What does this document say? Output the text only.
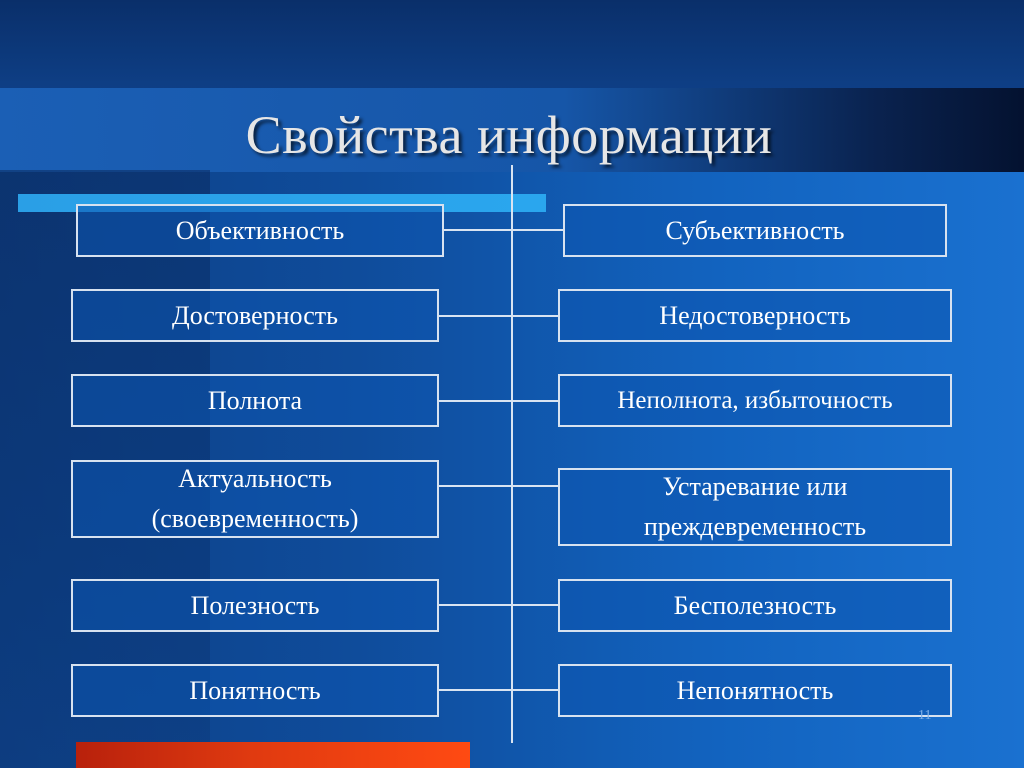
Свойства информации
Объективность
Достоверность
Полнота
Актуальность (своевременность)
Полезность
Понятность
Субъективность
Недостоверность
Неполнота, избыточность
Устаревание или преждевременность
Бесполезность
Непонятность
11
